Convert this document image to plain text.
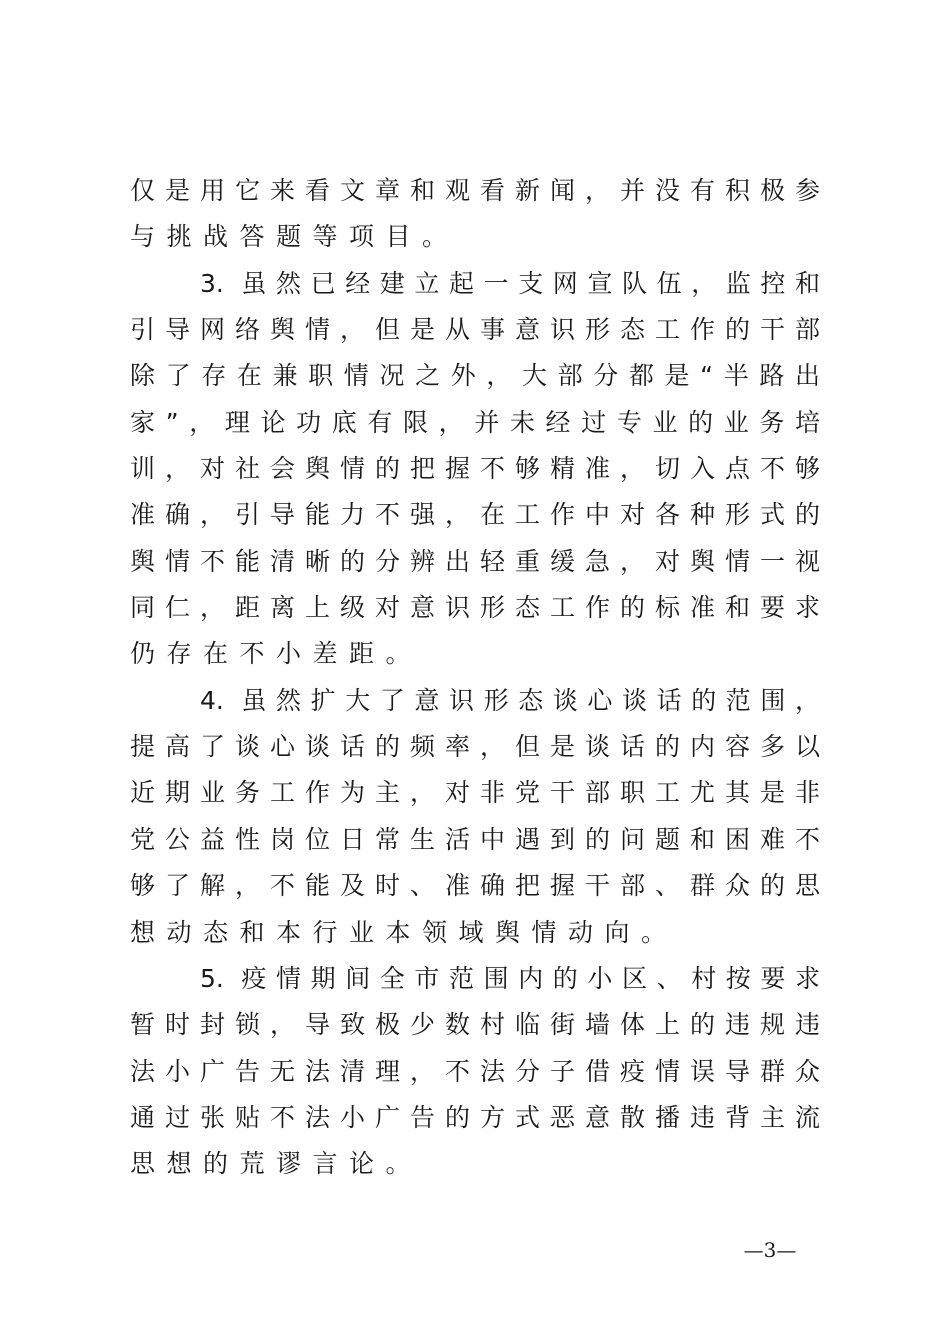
仅是用它来看文章和观看新闻，并没有积极参
与挑战答题等项目。
3. 虽然已经建立起一支网宣队伍，监控和
引导网络舆情，但是从事意识形态工作的干部
除了存在兼职情况之外，大部分都是“半路出
家”，理论功底有限，并未经过专业的业务培
训，对社会舆情的把握不够精准，切入点不够
准确，引导能力不强，在工作中对各种形式的
舆情不能清晰的分辨出轻重缓急，对舆情一视
同仁，距离上级对意识形态工作的标准和要求
仍存在不小差距。
4. 虽然扩大了意识形态谈心谈话的范围，
提高了谈心谈话的频率，但是谈话的内容多以
近期业务工作为主，对非党干部职工尤其是非
党公益性岗位日常生活中遇到的问题和困难不
够了解，不能及时、准确把握干部、群众的思
想动态和本行业本领域舆情动向。
5. 疫情期间全市范围内的小区、村按要求
暂时封锁，导致极少数村临街墙体上的违规违
法小广告无法清理，不法分子借疫情误导群众
通过张贴不法小广告的方式恶意散播违背主流
思想的荒谬言论。
—3—
